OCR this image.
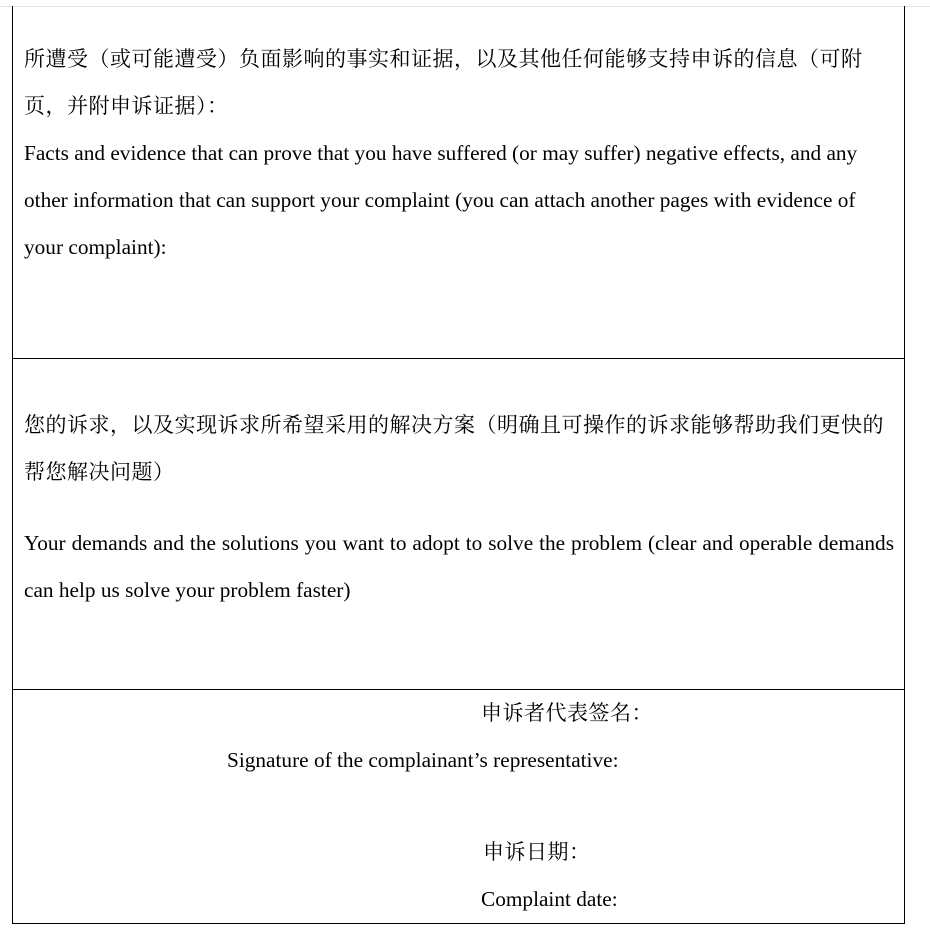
所遭受（或可能遭受）负面影响的事实和证据，以及其他任何能够支持申诉的信息（可附页，并附申诉证据）：

Facts and evidence that can prove that you have suffered (or may suffer) negative effects, and any other information that can support your complaint (you can attach another pages with evidence of your complaint):

您的诉求，以及实现诉求所希望采用的解决方案（明确且可操作的诉求能够帮助我们更快的帮您解决问题）

Your demands and the solutions you want to adopt to solve the problem (clear and operable demands can help us solve your problem faster)

申诉者代表签名：

Signature of the complainant’s representative:

申诉日期：

Complaint date:
